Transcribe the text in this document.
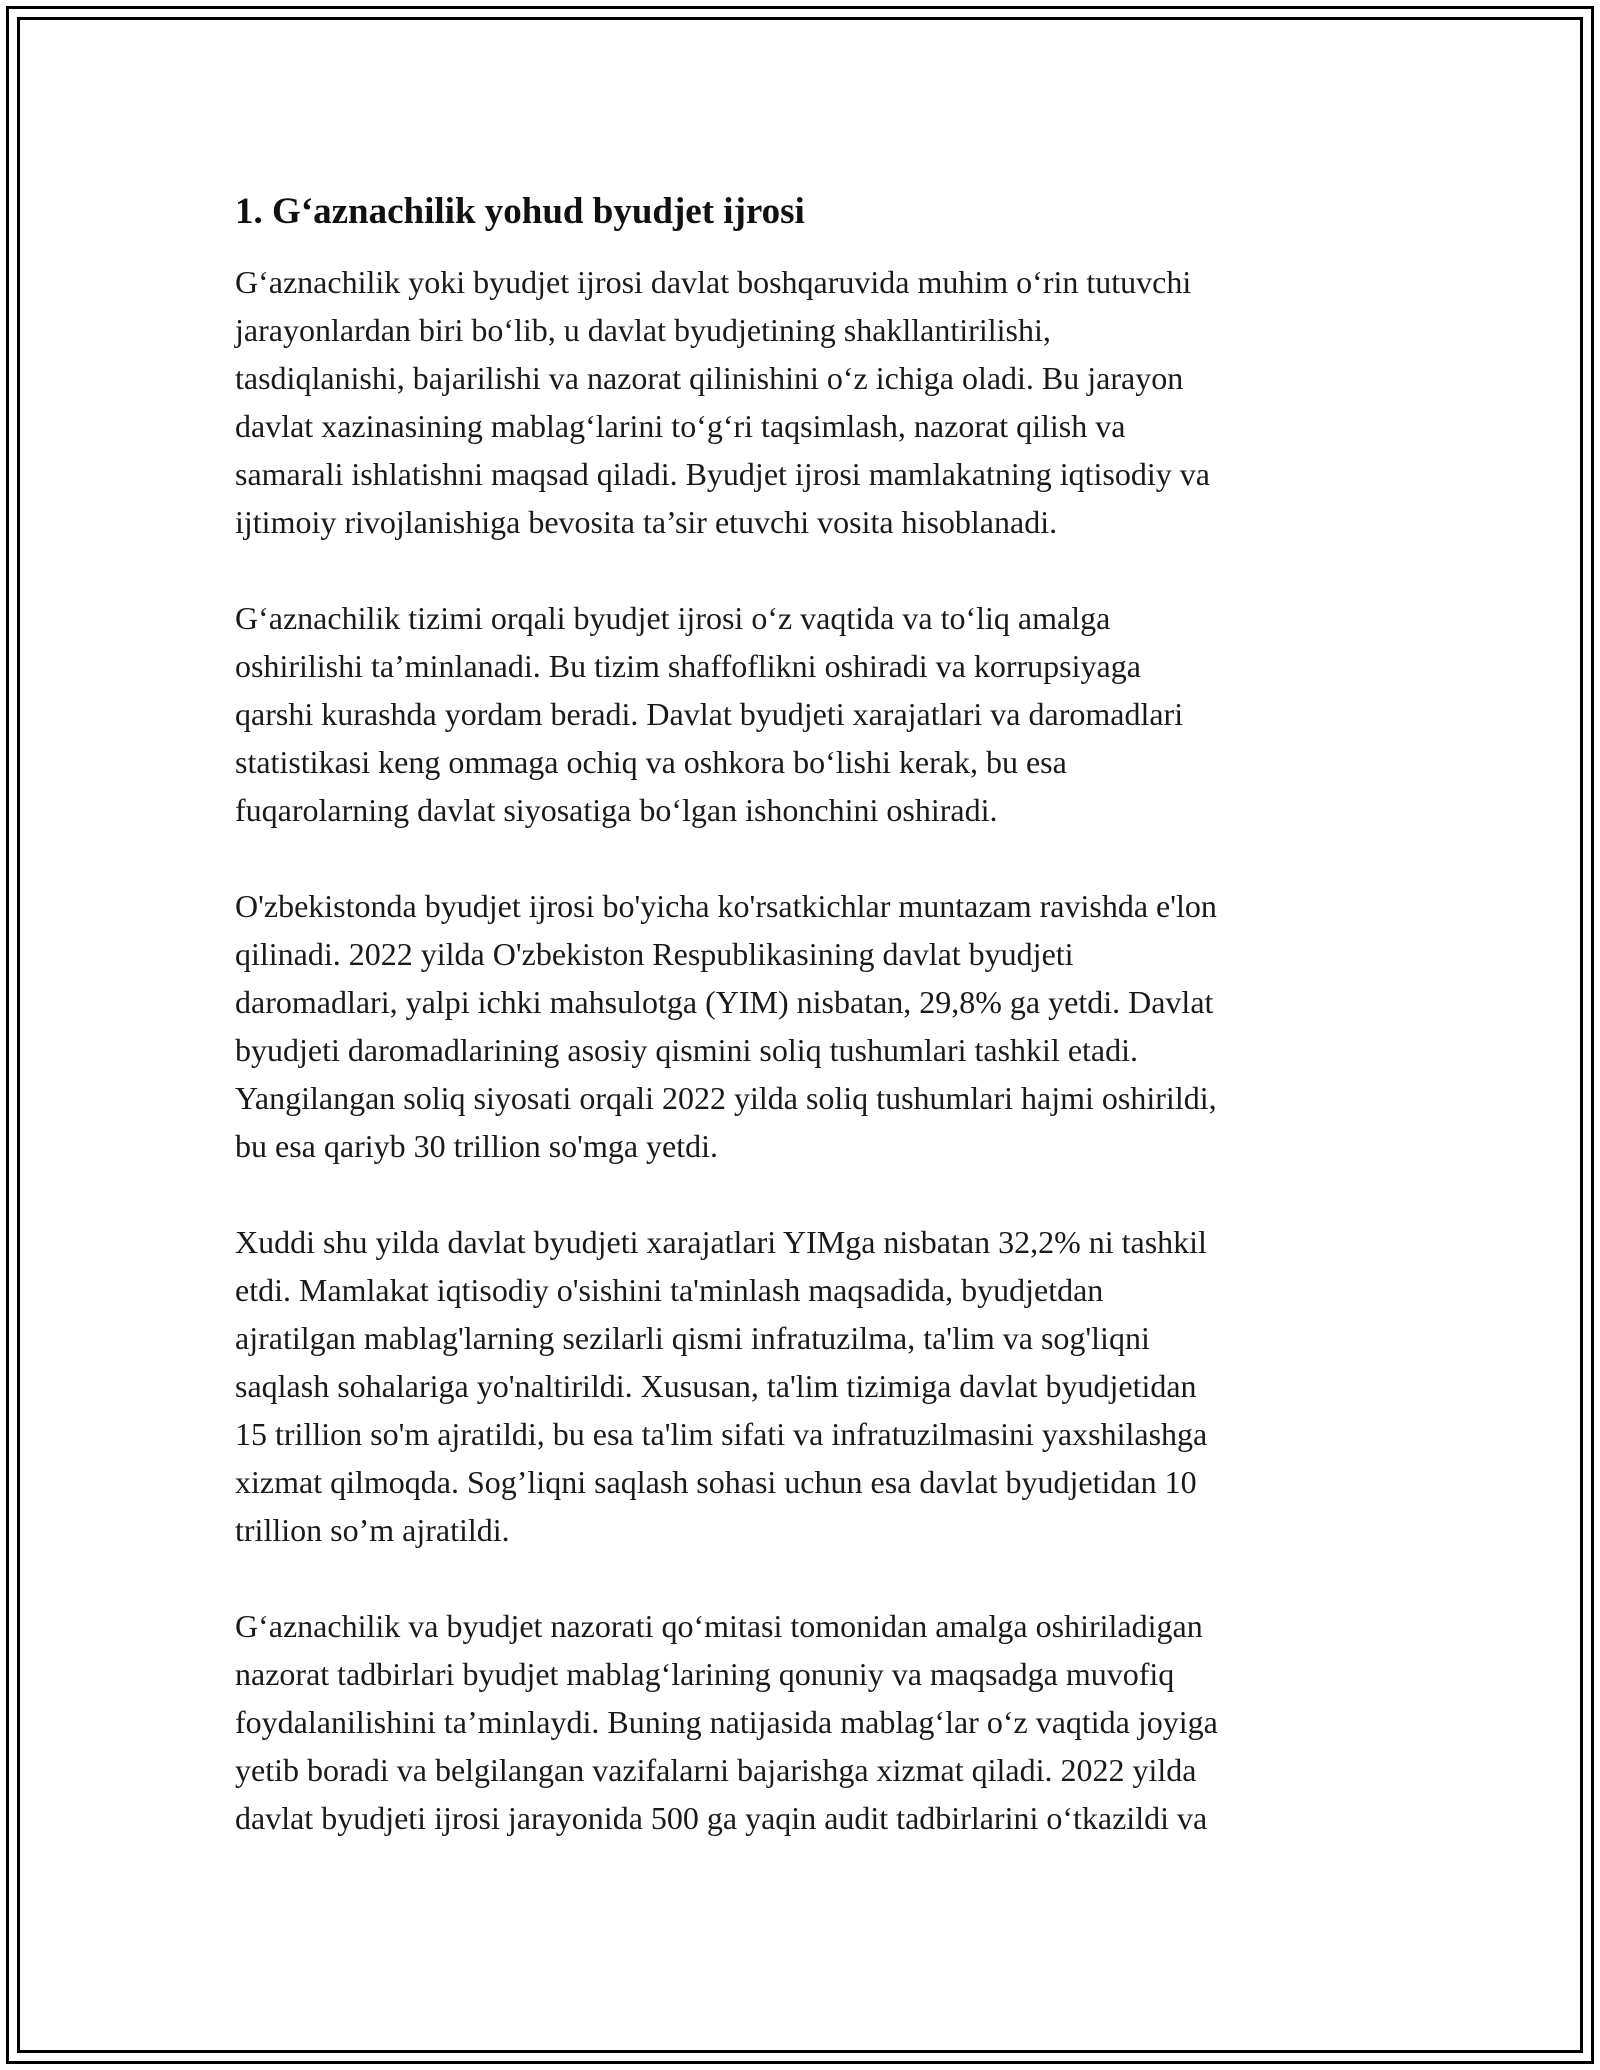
1. G‘aznachilik yohud byudjet ijrosi

G‘aznachilik yoki byudjet ijrosi davlat boshqaruvida muhim o‘rin tutuvchi
jarayonlardan biri bo‘lib, u davlat byudjetining shakllantirilishi,
tasdiqlanishi, bajarilishi va nazorat qilinishini o‘z ichiga oladi. Bu jarayon
davlat xazinasining mablag‘larini to‘g‘ri taqsimlash, nazorat qilish va
samarali ishlatishni maqsad qiladi. Byudjet ijrosi mamlakatning iqtisodiy va
ijtimoiy rivojlanishiga bevosita ta’sir etuvchi vosita hisoblanadi.

G‘aznachilik tizimi orqali byudjet ijrosi o‘z vaqtida va to‘liq amalga
oshirilishi ta’minlanadi. Bu tizim shaffoflikni oshiradi va korrupsiyaga
qarshi kurashda yordam beradi. Davlat byudjeti xarajatlari va daromadlari
statistikasi keng ommaga ochiq va oshkora bo‘lishi kerak, bu esa
fuqarolarning davlat siyosatiga bo‘lgan ishonchini oshiradi.

O'zbekistonda byudjet ijrosi bo'yicha ko'rsatkichlar muntazam ravishda e'lon
qilinadi. 2022 yilda O'zbekiston Respublikasining davlat byudjeti
daromadlari, yalpi ichki mahsulotga (YIM) nisbatan, 29,8% ga yetdi. Davlat
byudjeti daromadlarining asosiy qismini soliq tushumlari tashkil etadi.
Yangilangan soliq siyosati orqali 2022 yilda soliq tushumlari hajmi oshirildi,
bu esa qariyb 30 trillion so'mga yetdi.

Xuddi shu yilda davlat byudjeti xarajatlari YIMga nisbatan 32,2% ni tashkil
etdi. Mamlakat iqtisodiy o'sishini ta'minlash maqsadida, byudjetdan
ajratilgan mablag'larning sezilarli qismi infratuzilma, ta'lim va sog'liqni
saqlash sohalariga yo'naltirildi. Xususan, ta'lim tizimiga davlat byudjetidan
15 trillion so'm ajratildi, bu esa ta'lim sifati va infratuzilmasini yaxshilashga
xizmat qilmoqda. Sog’liqni saqlash sohasi uchun esa davlat byudjetidan 10
trillion so’m ajratildi.

G‘aznachilik va byudjet nazorati qo‘mitasi tomonidan amalga oshiriladigan
nazorat tadbirlari byudjet mablag‘larining qonuniy va maqsadga muvofiq
foydalanilishini ta’minlaydi. Buning natijasida mablag‘lar o‘z vaqtida joyiga
yetib boradi va belgilangan vazifalarni bajarishga xizmat qiladi. 2022 yilda
davlat byudjeti ijrosi jarayonida 500 ga yaqin audit tadbirlarini o‘tkazildi va
